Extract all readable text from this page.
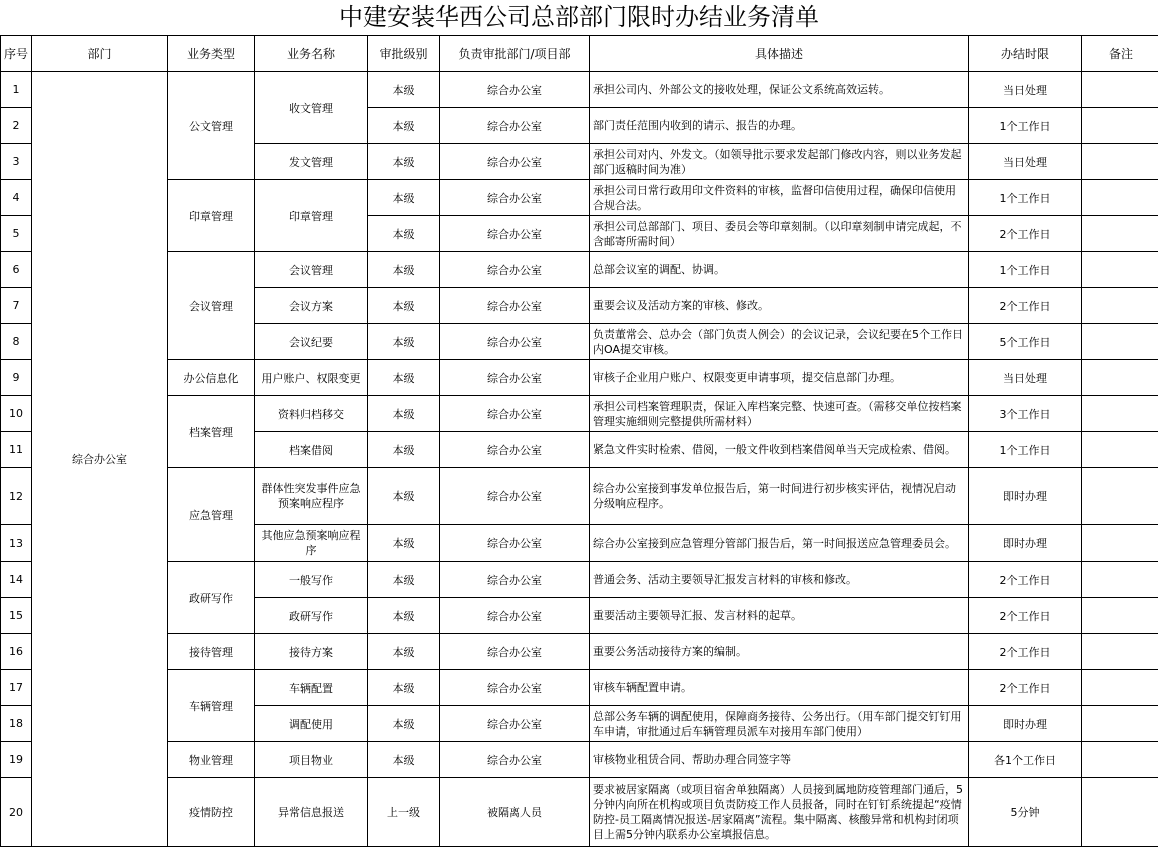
中建安装华西公司总部部门限时办结业务清单
序号	部门	业务类型	业务名称	审批级别	负责审批部门/项目部	具体描述	办结时限	备注
1	综合办公室	公文管理	收文管理	本级	综合办公室	承担公司内、外部公文的接收处理，保证公文系统高效运转。	当日处理	
2				本级	综合办公室	部门责任范围内收到的请示、报告的办理。	1个工作日	
3			发文管理	本级	综合办公室	承担公司对内、外发文。（如领导批示要求发起部门修改内容，则以业务发起部门返稿时间为准）	当日处理	
4		印章管理	印章管理	本级	综合办公室	承担公司日常行政用印文件资料的审核，监督印信使用过程，确保印信使用合规合法。	1个工作日	
5				本级	综合办公室	承担公司总部部门、项目、委员会等印章刻制。（以印章刻制申请完成起，不含邮寄所需时间）	2个工作日	
6		会议管理	会议管理	本级	综合办公室	总部会议室的调配、协调。	1个工作日	
7			会议方案	本级	综合办公室	重要会议及活动方案的审核、修改。	2个工作日	
8			会议纪要	本级	综合办公室	负责董常会、总办会（部门负责人例会）的会议记录，会议纪要在5个工作日内OA提交审核。	5个工作日	
9		办公信息化	用户账户、权限变更	本级	综合办公室	审核子企业用户账户、权限变更申请事项，提交信息部门办理。	当日处理	
10		档案管理	资料归档移交	本级	综合办公室	承担公司档案管理职责，保证入库档案完整、快速可查。（需移交单位按档案管理实施细则完整提供所需材料）	3个工作日	
11			档案借阅	本级	综合办公室	紧急文件实时检索、借阅，一般文件收到档案借阅单当天完成检索、借阅。	1个工作日	
12		应急管理	群体性突发事件应急预案响应程序	本级	综合办公室	综合办公室接到事发单位报告后，第一时间进行初步核实评估，视情况启动分级响应程序。	即时办理	
13			其他应急预案响应程序	本级	综合办公室	综合办公室接到应急管理分管部门报告后，第一时间报送应急管理委员会。	即时办理	
14		政研写作	一般写作	本级	综合办公室	普通会务、活动主要领导汇报发言材料的审核和修改。	2个工作日	
15			政研写作	本级	综合办公室	重要活动主要领导汇报、发言材料的起草。	2个工作日	
16		接待管理	接待方案	本级	综合办公室	重要公务活动接待方案的编制。	2个工作日	
17		车辆管理	车辆配置	本级	综合办公室	审核车辆配置申请。	2个工作日	
18			调配使用	本级	综合办公室	总部公务车辆的调配使用，保障商务接待、公务出行。（用车部门提交钉钉用车申请，审批通过后车辆管理员派车对接用车部门使用）	即时办理	
19		物业管理	项目物业	本级	综合办公室	审核物业租赁合同、帮助办理合同签字等	各1个工作日	
20		疫情防控	异常信息报送	上一级	被隔离人员	要求被居家隔离（或项目宿舍单独隔离）人员接到属地防疫管理部门通后，5分钟内向所在机构或项目负责防疫工作人员报备，同时在钉钉系统提起“疫情防控-员工隔离情况报送-居家隔离”流程。集中隔离、核酸异常和机构封闭项目上需5分钟内联系办公室填报信息。	5分钟	
